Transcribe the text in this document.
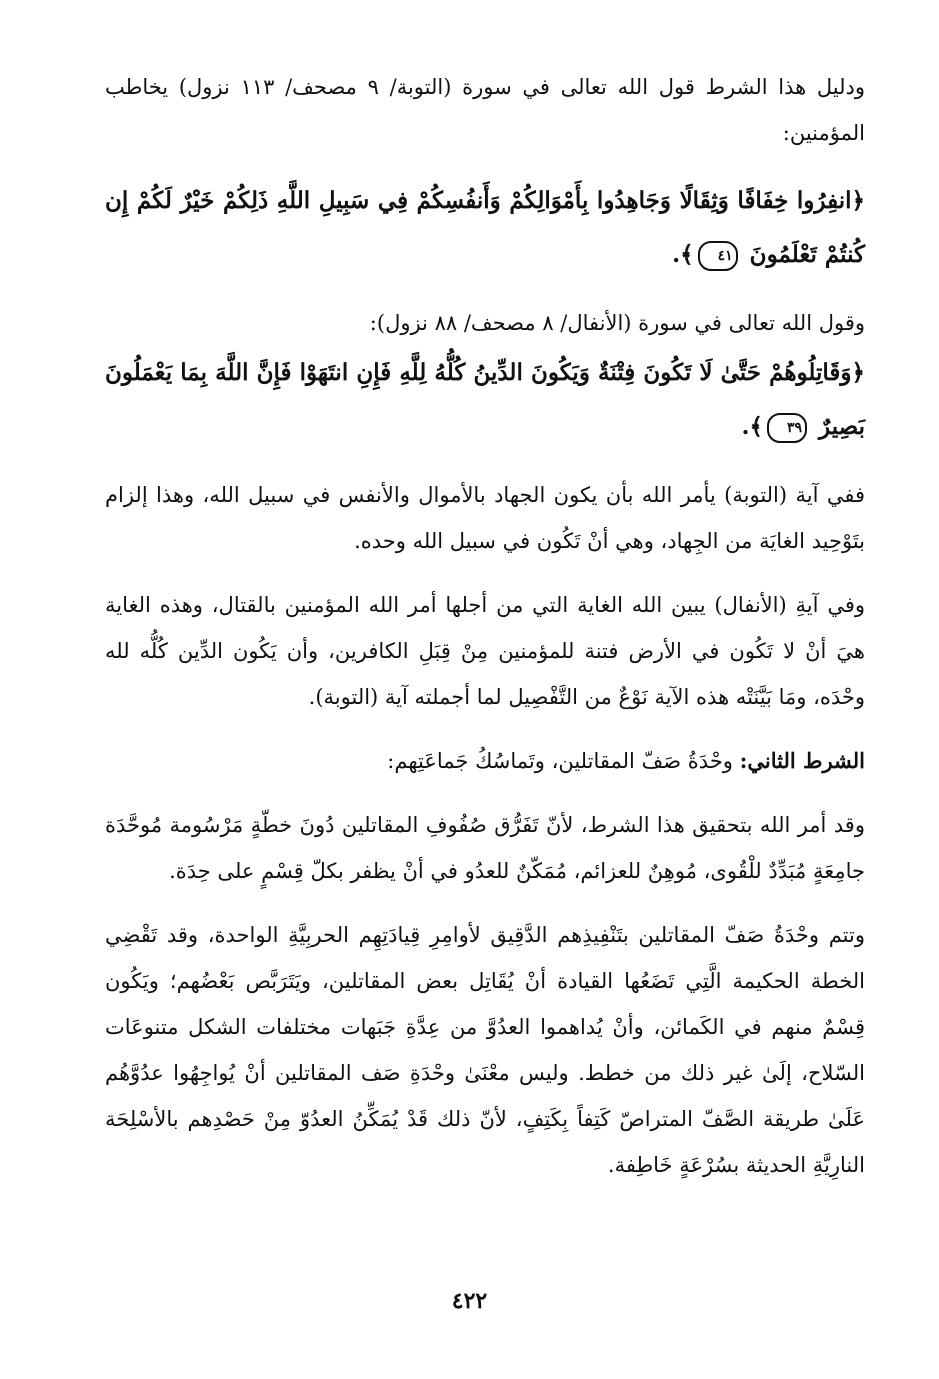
ودليل هذا الشرط قول الله تعالى في سورة (التوبة/ ٩ مصحف/ ١١٣ نزول) يخاطب المؤمنين:

﴿انفِرُوا خِفَافًا وَثِقَالًا وَجَاهِدُوا بِأَمْوَالِكُمْ وَأَنفُسِكُمْ فِي سَبِيلِ اللَّهِ ذَلِكُمْ خَيْرٌ لَكُمْ إِن كُنتُمْ تَعْلَمُونَ ٤١﴾.

وقول الله تعالى في سورة (الأنفال/ ٨ مصحف/ ٨٨ نزول):

﴿وَقَاتِلُوهُمْ حَتَّىٰ لَا تَكُونَ فِتْنَةٌ وَيَكُونَ الدِّينُ كُلُّهُ لِلَّهِ فَإِنِ انتَهَوْا فَإِنَّ اللَّهَ بِمَا يَعْمَلُونَ بَصِيرٌ ٣٩﴾.

ففي آية (التوبة) يأمر الله بأن يكون الجهاد بالأموال والأنفس في سبيل الله، وهذا إلزام بتَوْحِيد الغايَة من الجِهاد، وهي أنْ تَكُون في سبيل الله وحده.

وفي آيةِ (الأنفال) يبين الله الغاية التي من أجلها أمر الله المؤمنين بالقتال، وهذه الغاية هيَ أنْ لا تَكُون في الأرض فتنة للمؤمنين مِنْ قِبَلِ الكافرين، وأن يَكُون الدِّين كُلُّه لله وحْدَه، ومَا بَيَّنَتْه هذه الآية نَوْعٌ من التَّفْصِيل لما أجملته آية (التوبة).

الشرط الثاني: وحْدَةُ صَفّ المقاتلين، وتَماسُكُ جَماعَتِهم:

وقد أمر الله بتحقيق هذا الشرط، لأنّ تَفَرُّق صُفُوفِ المقاتلين دُونَ خطّةٍ مَرْسُومة مُوحَّدَة جامِعَةٍ مُبَدِّدٌ للْقُوى، مُوهِنٌ للعزائم، مُمَكّنٌ للعدُو في أنْ يظفر بكلّ قِسْمٍ على حِدَة.

وتتم وحْدَةُ صَفّ المقاتلين بتَنْفِيذِهم الدَّقِيق لأوامِرِ قِيادَتِهِم الحربِيَّةِ الواحدة، وقد تَقْضِي الخطة الحكيمة الَّتِي تَضَعُها القيادة أنْ يُقَاتِل بعض المقاتلين، ويَتَرَبَّص بَعْضُهم؛ ويَكُون قِسْمٌ منهم في الكَمائن، وأنْ يُداهموا العدُوَّ من عِدَّةِ جَبَهات مختلفات الشكل متنوعَات السّلاح، إلَىٰ غير ذلك من خطط. وليس معْنَىٰ وحْدَةِ صَف المقاتلين أنْ يُواجِهُوا عدُوَّهُم عَلَىٰ طريقة الصَّفّ المتراصّ كَتِفاً بِكَتِفٍ، لأنّ ذلك قَدْ يُمَكِّنُ العدُوّ مِنْ حَصْدِهم بالأسْلِحَة النارِيَّةِ الحديثة بسُرْعَةٍ خَاطِفة.

٤٢٢
